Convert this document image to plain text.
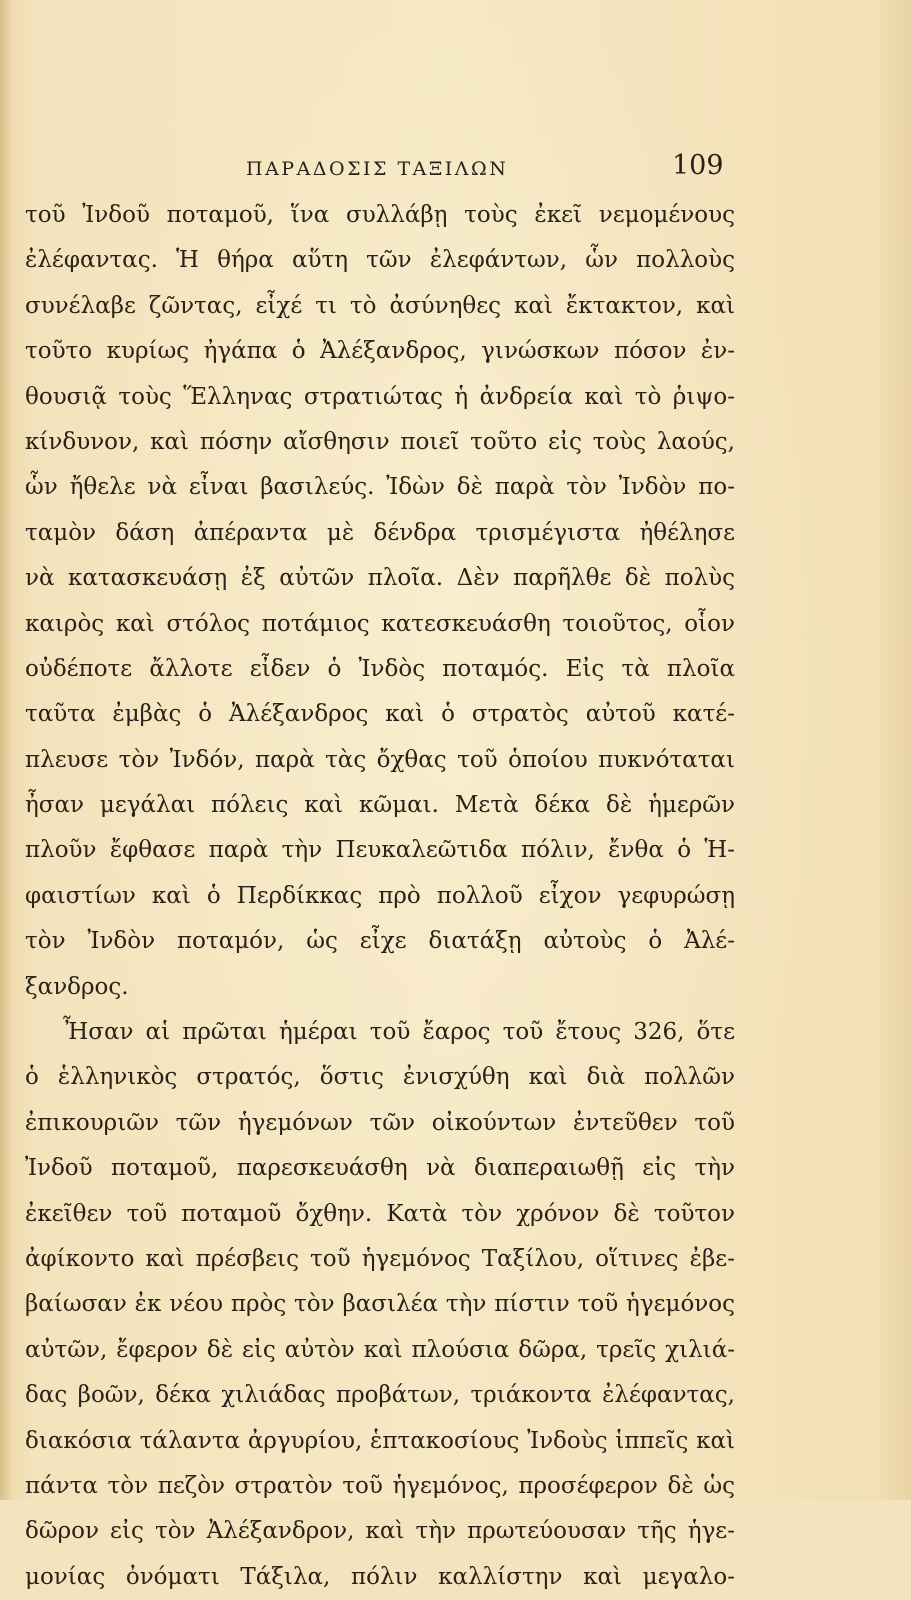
ΠΑΡΑΔΟΣΙΣ ΤΑΞΙΛΩΝ	109
τοῦ Ἰνδοῦ ποταμοῦ, ἵνα συλλάβῃ τοὺς ἐκεῖ νεμομένους
ἐλέφαντας. Ἡ θήρα αὕτη τῶν ἐλεφάντων, ὧν πολλοὺς
συνέλαβε ζῶντας, εἶχέ τι τὸ ἀσύνηθες καὶ ἔκτακτον, καὶ
τοῦτο κυρίως ἠγάπα ὁ Ἀλέξανδρος, γινώσκων πόσον ἐν-
θουσιᾷ τοὺς Ἕλληνας στρατιώτας ἡ ἀνδρεία καὶ τὸ ῥιψο-
κίνδυνον, καὶ πόσην αἴσθησιν ποιεῖ τοῦτο εἰς τοὺς λαούς,
ὧν ἤθελε νὰ εἶναι βασιλεύς. Ἰδὼν δὲ παρὰ τὸν Ἰνδὸν πο-
ταμὸν δάση ἀπέραντα μὲ δένδρα τρισμέγιστα ἠθέλησε
νὰ κατασκευάσῃ ἐξ αὐτῶν πλοῖα. Δὲν παρῆλθε δὲ πολὺς
καιρὸς καὶ στόλος ποτάμιος κατεσκευάσθη τοιοῦτος, οἷον
οὐδέποτε ἄλλοτε εἶδεν ὁ Ἰνδὸς ποταμός. Εἰς τὰ πλοῖα
ταῦτα ἐμβὰς ὁ Ἀλέξανδρος καὶ ὁ στρατὸς αὐτοῦ κατέ-
πλευσε τὸν Ἰνδόν, παρὰ τὰς ὄχθας τοῦ ὁποίου πυκνόταται
ἦσαν μεγάλαι πόλεις καὶ κῶμαι. Μετὰ δέκα δὲ ἡμερῶν
πλοῦν ἔφθασε παρὰ τὴν Πευκαλεῶτιδα πόλιν, ἔνθα ὁ Ἡ-
φαιστίων καὶ ὁ Περδίκκας πρὸ πολλοῦ εἶχον γεφυρώσῃ
τὸν Ἰνδὸν ποταμόν, ὡς εἶχε διατάξῃ αὐτοὺς ὁ Ἀλέ-
ξανδρος.
Ἦσαν αἱ πρῶται ἡμέραι τοῦ ἔαρος τοῦ ἔτους 326, ὅτε
ὁ ἑλληνικὸς στρατός, ὅστις ἐνισχύθη καὶ διὰ πολλῶν
ἐπικουριῶν τῶν ἡγεμόνων τῶν οἰκούντων ἐντεῦθεν τοῦ
Ἰνδοῦ ποταμοῦ, παρεσκευάσθη νὰ διαπεραιωθῇ εἰς τὴν
ἐκεῖθεν τοῦ ποταμοῦ ὄχθην. Κατὰ τὸν χρόνον δὲ τοῦτον
ἀφίκοντο καὶ πρέσβεις τοῦ ἡγεμόνος Ταξίλου, οἵτινες ἐβε-
βαίωσαν ἐκ νέου πρὸς τὸν βασιλέα τὴν πίστιν τοῦ ἡγεμόνος
αὐτῶν, ἔφερον δὲ εἰς αὐτὸν καὶ πλούσια δῶρα, τρεῖς χιλιά-
δας βοῶν, δέκα χιλιάδας προβάτων, τριάκοντα ἐλέφαντας,
διακόσια τάλαντα ἀργυρίου, ἑπτακοσίους Ἰνδοὺς ἱππεῖς καὶ
πάντα τὸν πεζὸν στρατὸν τοῦ ἡγεμόνος, προσέφερον δὲ ὡς
δῶρον εἰς τὸν Ἀλέξανδρον, καὶ τὴν πρωτεύουσαν τῆς ἡγε-
μονίας ὀνόματι Τάξιλα, πόλιν καλλίστην καὶ μεγαλο-
